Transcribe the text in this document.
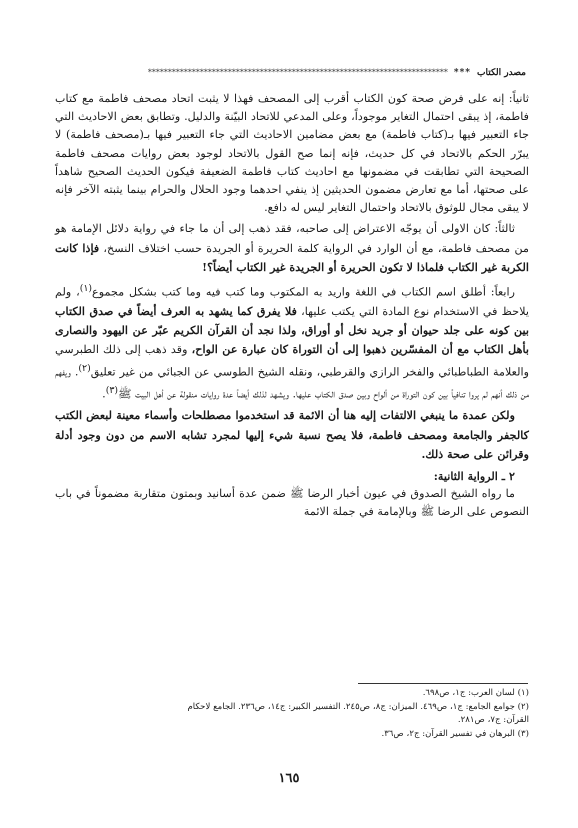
مصدر الكتاب
***
***************************************************************************

ثانياً: إنه على فرض صحة كون الكتاب أقرب إلى المصحف فهذا لا يثبت اتحاد مصحف فاطمة مع كتاب فاطمة، إذ يبقى احتمال التغاير موجوداً، وعلى المدعي للاتحاد البيّنة والدليل. وتطابق بعض الاحاديث التي جاء التعبير فيها بـ(كتاب فاطمة) مع بعض مضامين الاحاديث التي جاء التعبير فيها بـ(مصحف فاطمة) لا يبرّر الحكم بالاتحاد في كل حديث، فإنه إنما صح القول بالاتحاد لوجود بعض روايات مصحف فاطمة الصحيحة التي تطابقت في مضمونها مع احاديث كتاب فاطمة الضعيفة فيكون الحديث الصحيح شاهداً على صحتها، أما مع تعارض مضمون الحديثين إذ ينفي احدهما وجود الحلال والحرام بينما يثبته الآخر فإنه لا يبقى مجال للوثوق بالاتحاد واحتمال التغاير ليس له دافع.

ثالثاً: كان الاولى أن يوجّه الاعتراض إلى صاحبه، فقد ذهب إلى أن ما جاء في رواية دلائل الإمامة هو من مصحف فاطمة، مع أن الوارد في الرواية كلمة الحريرة أو الجريدة حسب اختلاف النسخ، فإذا كانت الكربة غير الكتاب فلماذا لا تكون الحريرة أو الجريدة غير الكتاب أيضاً؟!

رابعاً: أطلق اسم الكتاب في اللغة واريد به المكتوب وما كتب فيه وما كتب بشكل مجموع$^{(١)}$، ولم يلاحظ في الاستخدام نوع المادة التي يكتب عليها، فلا يفرق كما يشهد به العرف أيضاً في صدق الكتاب بين كونه على جلد حيوان أو جريد نخل أو أوراق، ولذا نجد أن القرآن الكريم عبّر عن اليهود والنصارى بأهل الكتاب مع أن المفسّرين ذهبوا إلى أن التوراة كان عبارة عن الواح، وقد ذهب إلى ذلك الطبرسي والعلامة الطباطبائي والفخر الرازي والقرطبي، ونقله الشيخ الطوسي عن الجبائي من غير تعليق$^{(٢)}$. ويفهم من ذلك أنهم لم يروا تنافياً بين كون التوراة من ألواح وبين صدق الكتاب عليها. ويشهد لذلك أيضاً عدة روايات منقولة عن أهل البيت ﷺ$^{(٣)}$.

ولكن عمدة ما ينبغي الالتفات إليه هنا أن الائمة قد استخدموا مصطلحات وأسماء معينة لبعض الكتب كالجفر والجامعة ومصحف فاطمة، فلا يصح نسبة شيء إليها لمجرد تشابه الاسم من دون وجود أدلة وقرائن على صحة ذلك.

٢ ـ الرواية الثانية:

ما رواه الشيخ الصدوق في عيون أخبار الرضا ﷺ ضمن عدة أسانيد وبمتون متقاربة مضموناً في باب النصوص على الرضا ﷺ وبالإمامة في جملة الائمة

(١) لسان العرب: ج١، ص٦٩٨.
(٢) جوامع الجامع: ج١، ص٤٦٩. الميزان: ج٨، ص٢٤٥. التفسير الكبير: ج١٤، ص٢٣٦. الجامع لاحكام
القرآن: ج٧، ص٢٨١.
(٣) البرهان في تفسير القرآن: ج٢، ص٣٦.
١٦٥
